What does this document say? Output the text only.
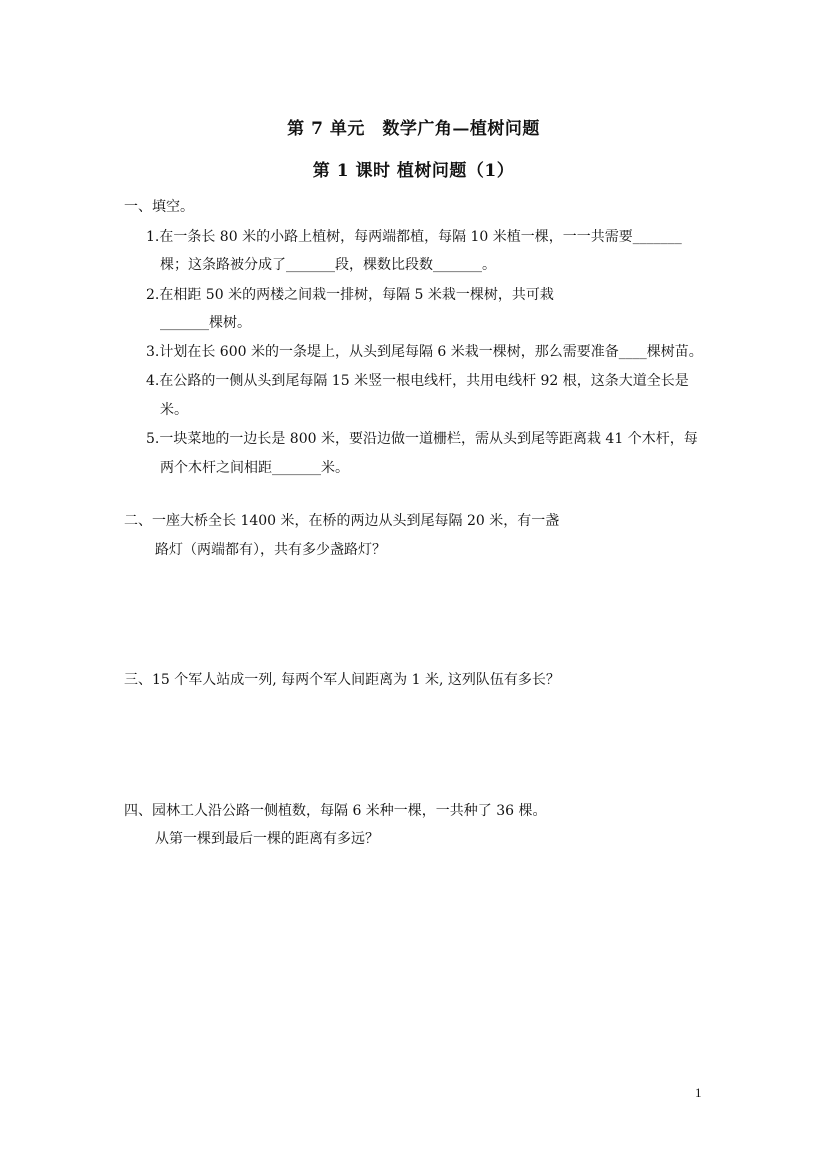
第 7 单元　数学广角—植树问题
第 1 课时 植树问题（1）
一、填空。
1.在一条长 80 米的小路上植树，每两端都植，每隔 10 米植一棵，一一共需要_______
棵；这条路被分成了_______段，棵数比段数_______。
2.在相距 50 米的两楼之间栽一排树，每隔 5 米栽一棵树，共可栽
_______棵树。
3.计划在长 600 米的一条堤上，从头到尾每隔 6 米栽一棵树，那么需要准备____棵树苗。
4.在公路的一侧从头到尾每隔 15 米竖一根电线杆，共用电线杆 92 根，这条大道全长是
米。
5.一块菜地的一边长是 800 米，要沿边做一道栅栏，需从头到尾等距离栽 41 个木杆，每
两个木杆之间相距_______米。
二、一座大桥全长 1400 米，在桥的两边从头到尾每隔 20 米，有一盏
路灯（两端都有），共有多少盏路灯？
三、15 个军人站成一列, 每两个军人间距离为 1 米, 这列队伍有多长？
四、园林工人沿公路一侧植数，每隔 6 米种一棵，一共种了 36 棵。
从第一棵到最后一棵的距离有多远？
1
